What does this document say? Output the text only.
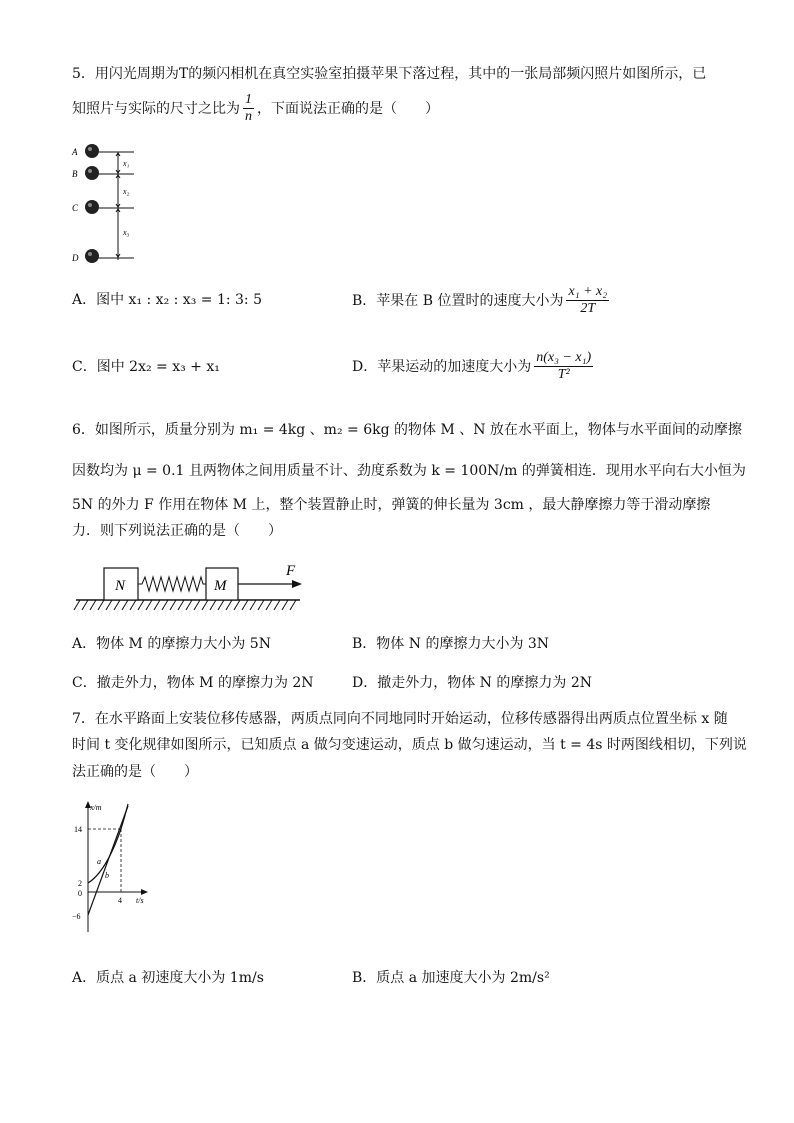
5．用闪光周期为T的频闪相机在真空实验室拍摄苹果下落过程，其中的一张局部频闪照片如图所示，已
知照片与实际的尺寸之比为 $\frac{1}{n}$ ，下面说法正确的是（　　）
A
B
C
D
x₁
x₂
x₃
A．图中 x₁ : x₂ : x₃ = 1: 3: 5	B．苹果在 B 位置时的速度大小为 $\frac{\text{x₁ + x₂}}{2T}$
C．图中 2x₂ = x₃ + x₁	D．苹果运动的加速度大小为 $\frac{\text{n(x₃ − x₁)}}{\text{T²}}$
6．如图所示，质量分别为 m₁ = 4kg 、m₂ = 6kg 的物体 M 、N 放在水平面上，物体与水平面间的动摩擦
因数均为 μ = 0.1 且两物体之间用质量不计、劲度系数为 k = 100N/m 的弹簧相连．现用水平向右大小恒为
5N 的外力 F 作用在物体 M 上，整个装置静止时，弹簧的伸长量为 3cm ，最大静摩擦力等于滑动摩擦
力．则下列说法正确的是（　　）
N	M
F
A．物体 M 的摩擦力大小为 5N	B．物体 N 的摩擦力大小为 3N
C．撤走外力，物体 M 的摩擦力为 2N	D．撤走外力，物体 N 的摩擦力为 2N
7．在水平路面上安装位移传感器，两质点同向不同地同时开始运动，位移传感器得出两质点位置坐标 x 随
时间 t 变化规律如图所示，已知质点 a 做匀变速运动，质点 b 做匀速运动，当 t = 4s 时两图线相切，下列说
法正确的是（　　）
x/m
t/s
14
2
0
−6
4
a
b
A．质点 a 初速度大小为 1m/s	B．质点 a 加速度大小为 2m/s²
